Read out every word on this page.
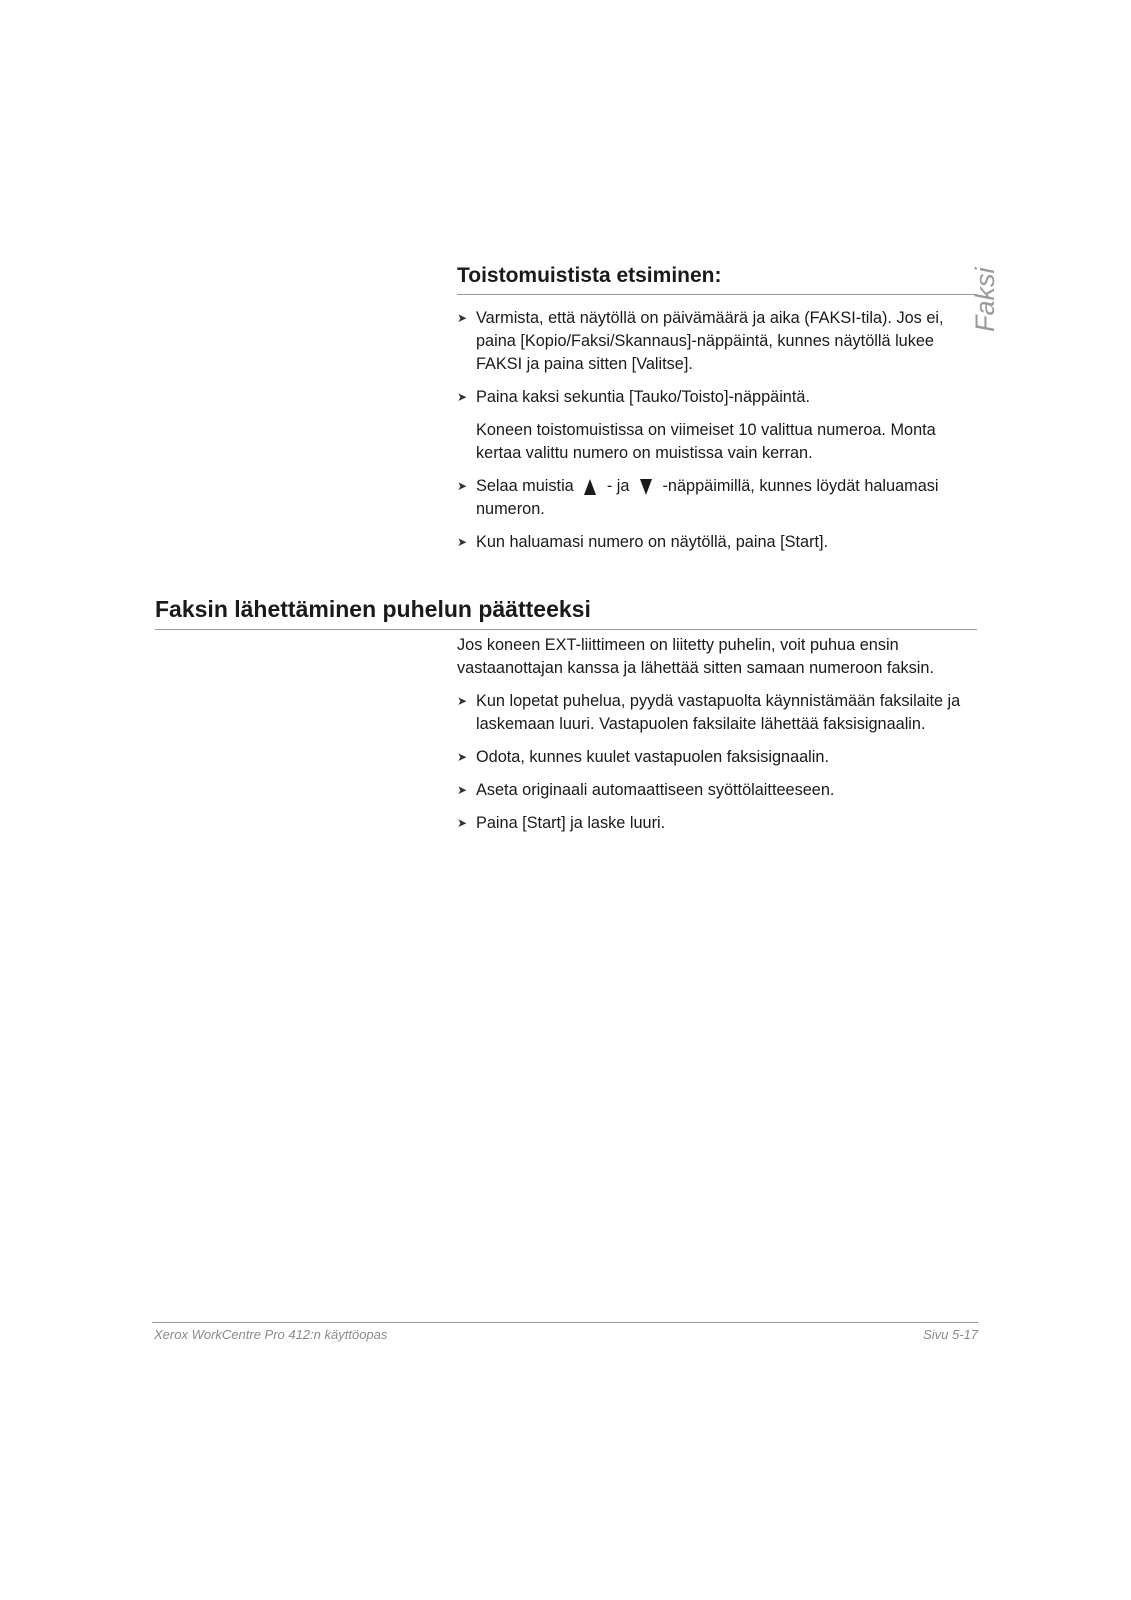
Faksi
Toistomuistista etsiminen:
➤ Varmista, että näytöllä on päivämäärä ja aika (FAKSI-tila). Jos ei, paina [Kopio/Faksi/Skannaus]-näppäintä, kunnes näytöllä lukee FAKSI ja paina sitten [Valitse].
➤ Paina kaksi sekuntia [Tauko/Toisto]-näppäintä.
Koneen toistomuistissa on viimeiset 10 valittua numeroa. Monta kertaa valittu numero on muistissa vain kerran.
➤ Selaa muistia - ja -näppäimillä, kunnes löydät haluamasi numeron.
➤ Kun haluamasi numero on näytöllä, paina [Start].
Faksin lähettäminen puhelun päätteeksi
Jos koneen EXT-liittimeen on liitetty puhelin, voit puhua ensin vastaanottajan kanssa ja lähettää sitten samaan numeroon faksin.
➤ Kun lopetat puhelua, pyydä vastapuolta käynnistämään faksilaite ja laskemaan luuri. Vastapuolen faksilaite lähettää faksisignaalin.
➤ Odota, kunnes kuulet vastapuolen faksisignaalin.
➤ Aseta originaali automaattiseen syöttölaitteeseen.
➤ Paina [Start] ja laske luuri.
Xerox WorkCentre Pro 412:n käyttöopas	Sivu 5-17
